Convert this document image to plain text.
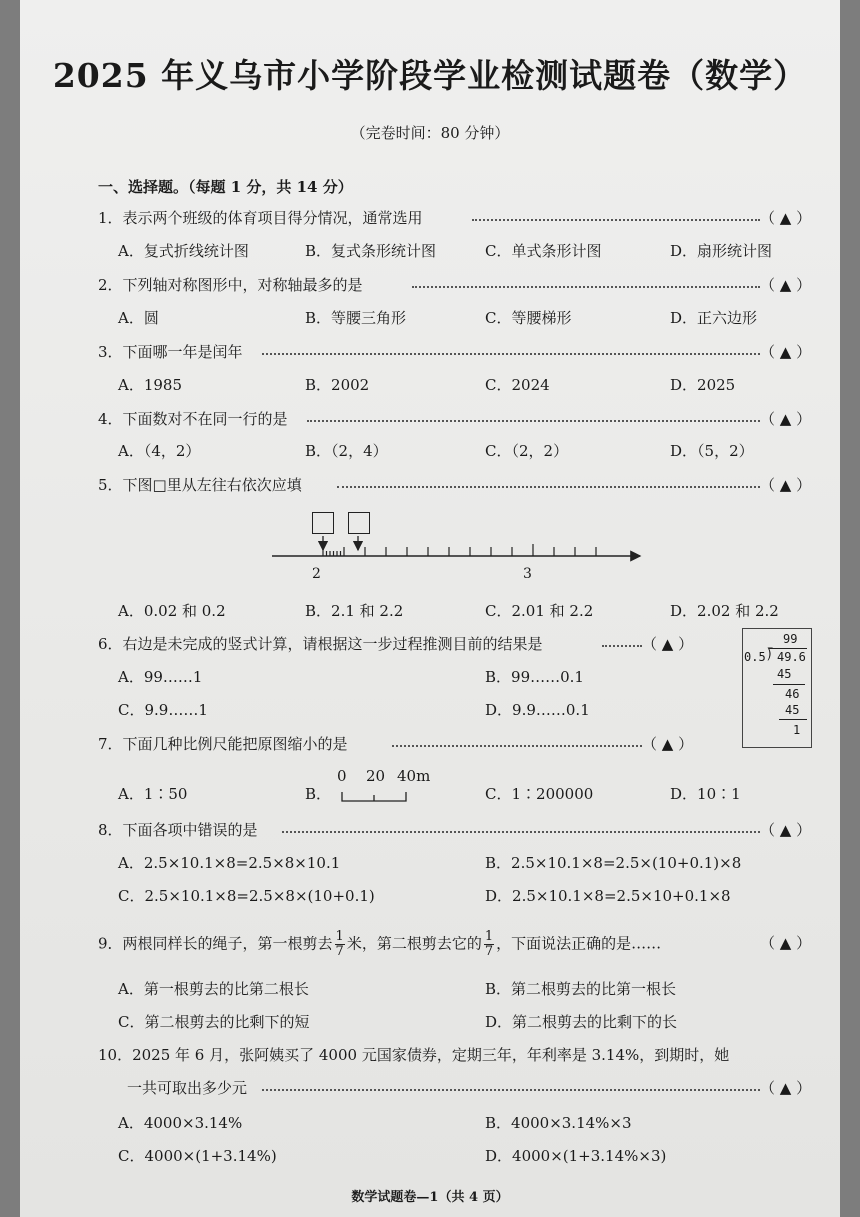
2025 年义乌市小学阶段学业检测试题卷（数学）
（完卷时间：80 分钟）
一、选择题。（每题 1 分，共 14 分）
1．表示两个班级的体育项目得分情况，通常选用	（ ▲ ）
A．复式折线统计图	B．复式条形统计图	C．单式条形计图	D．扇形统计图
2．下列轴对称图形中，对称轴最多的是	（ ▲ ）
A．圆	B．等腰三角形	C．等腰梯形	D．正六边形
3．下面哪一年是闰年	（ ▲ ）
A．1985	B．2002	C．2024	D．2025
4．下面数对不在同一行的是	（ ▲ ）
A．（4，2）	B．（2，4）	C．（2，2）	D．（5，2）
5．下图□里从左往右依次应填	（ ▲ ）
2	3
A．0.02 和 0.2	B．2.1 和 2.2	C．2.01 和 2.2	D．2.02 和 2.2
6．右边是未完成的竖式计算，请根据这一步过程推测目前的结果是	（ ▲ ）
A．99……1	B．99……0.1
C．9.9……1	D．9.9……0.1
99
0.5 ⟌ 49.6
45
46
45
1
7．下面几种比例尺能把原图缩小的是	（ ▲ ）
A．1∶50	B．
0 20 40m
C．1∶200000	D．10∶1
8．下面各项中错误的是	（ ▲ ）
A．2.5×10.1×8=2.5×8×10.1	B．2.5×10.1×8=2.5×(10+0.1)×8
C．2.5×10.1×8=2.5×8×(10+0.1)	D．2.5×10.1×8=2.5×10+0.1×8
9．两根同样长的绳子，第一根剪去 $\frac{1}{7}$ 米，第二根剪去它的 $\frac{1}{7}$ ，下面说法正确的是……	（ ▲ ）
A．第一根剪去的比第二根长	B．第二根剪去的比第一根长
C．第二根剪去的比剩下的短	D．第二根剪去的比剩下的长
10．2025 年 6 月，张阿姨买了 4000 元国家债券，定期三年，年利率是 3.14%，到期时，她
一共可取出多少元	（ ▲ ）
A．4000×3.14%	B．4000×3.14%×3
C．4000×(1+3.14%)	D．4000×(1+3.14%×3)
数学试题卷—1（共 4 页）
